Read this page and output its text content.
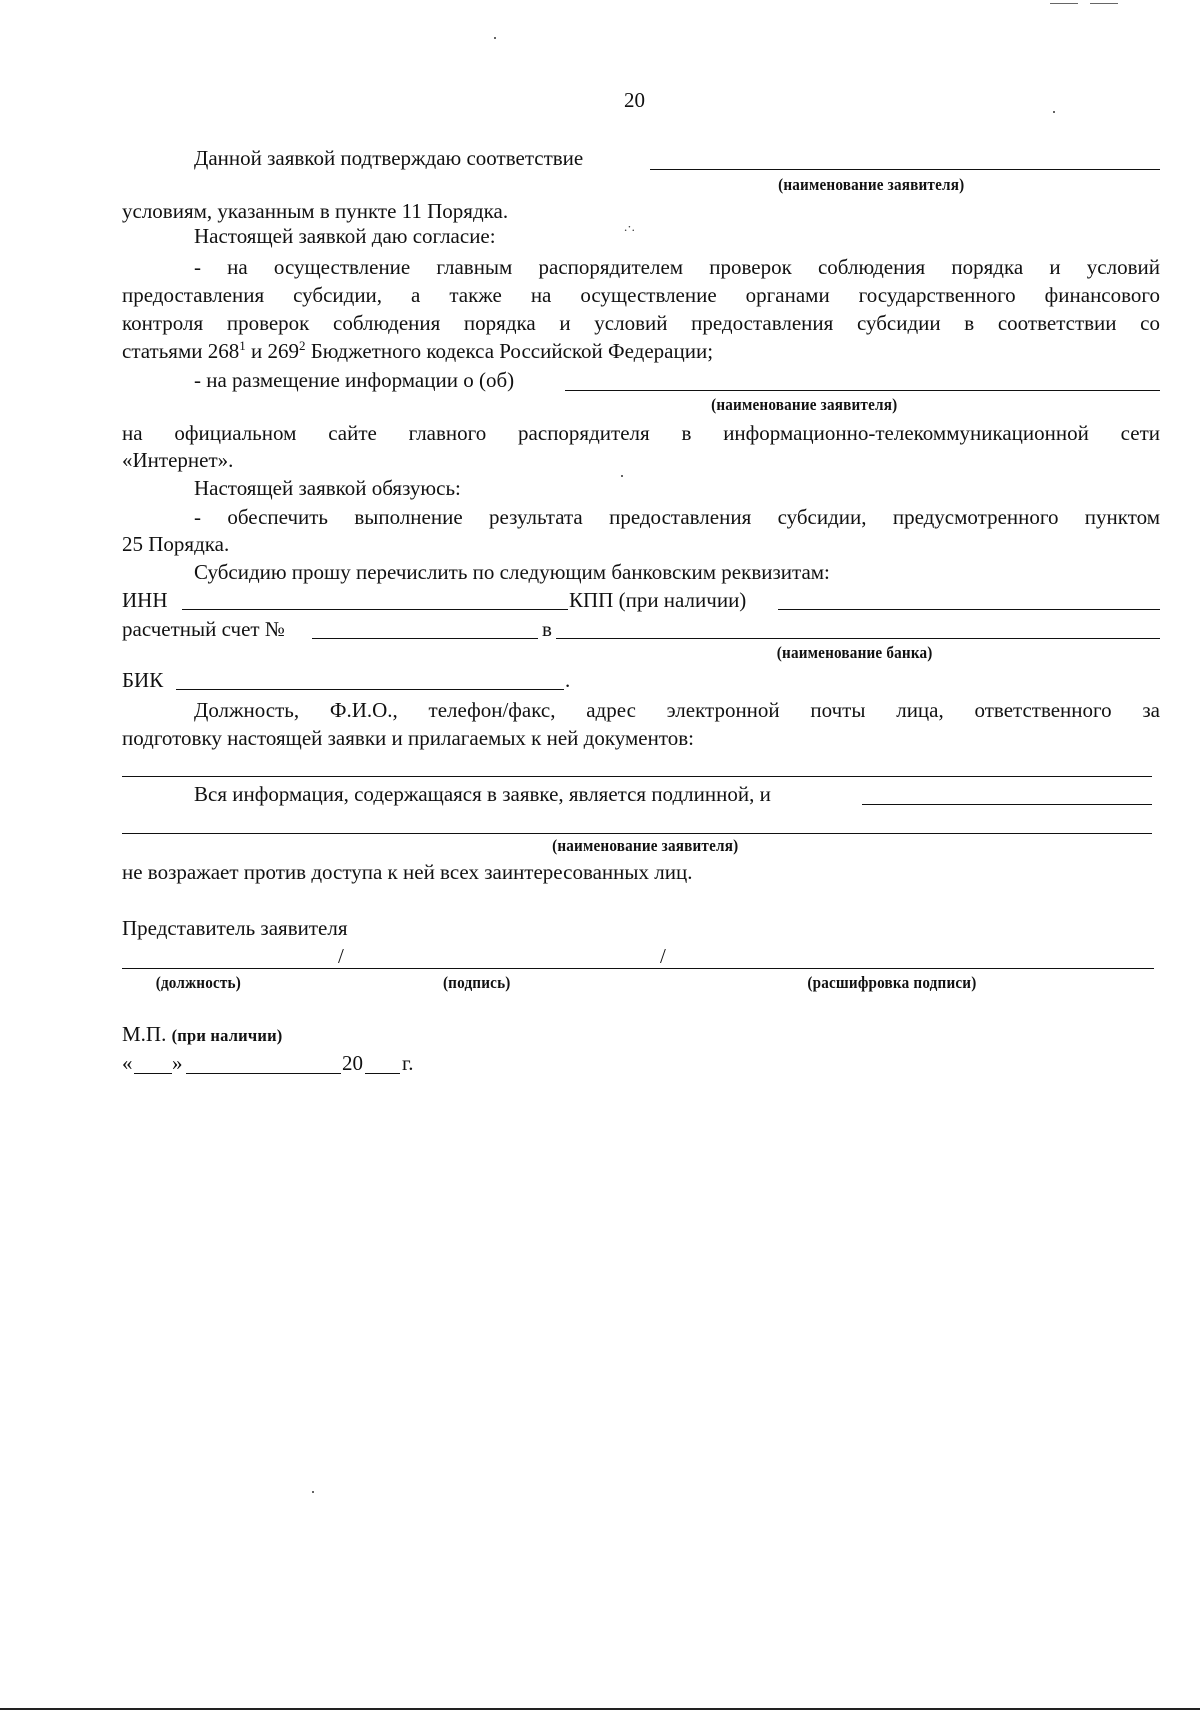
.·.
20
Данной заявкой подтверждаю соответствие
(наименование заявителя)
условиям, указанным в пункте 11 Порядка.
Настоящей заявкой даю согласие:
- на осуществление главным распорядителем проверок соблюдения порядка и условий
предоставления субсидии, а также на осуществление органами государственного финансового
контроля проверок соблюдения порядка и условий предоставления субсидии в соответствии со
статьями $268^1$ и $269^2$ Бюджетного кодекса Российской Федерации;
- на размещение информации о (об)
(наименование заявителя)
на официальном сайте главного распорядителя в информационно-телекоммуникационной сети
«Интернет».
Настоящей заявкой обязуюсь:
- обеспечить выполнение результата предоставления субсидии, предусмотренного пунктом
25 Порядка.
Субсидию прошу перечислить по следующим банковским реквизитам:
ИНН	КПП (при наличии)
расчетный счет №	в
(наименование банка)
БИК	.
Должность, Ф.И.О., телефон/факс, адрес электронной почты лица, ответственного за
подготовку настоящей заявки и прилагаемых к ней документов:
Вся информация, содержащаяся в заявке, является подлинной, и
(наименование заявителя)
не возражает против доступа к ней всех заинтересованных лиц.
Представитель заявителя
/	/
(должность)	(подпись)	(расшифровка подписи)
М.П. (при наличии)
« »	20 г.
